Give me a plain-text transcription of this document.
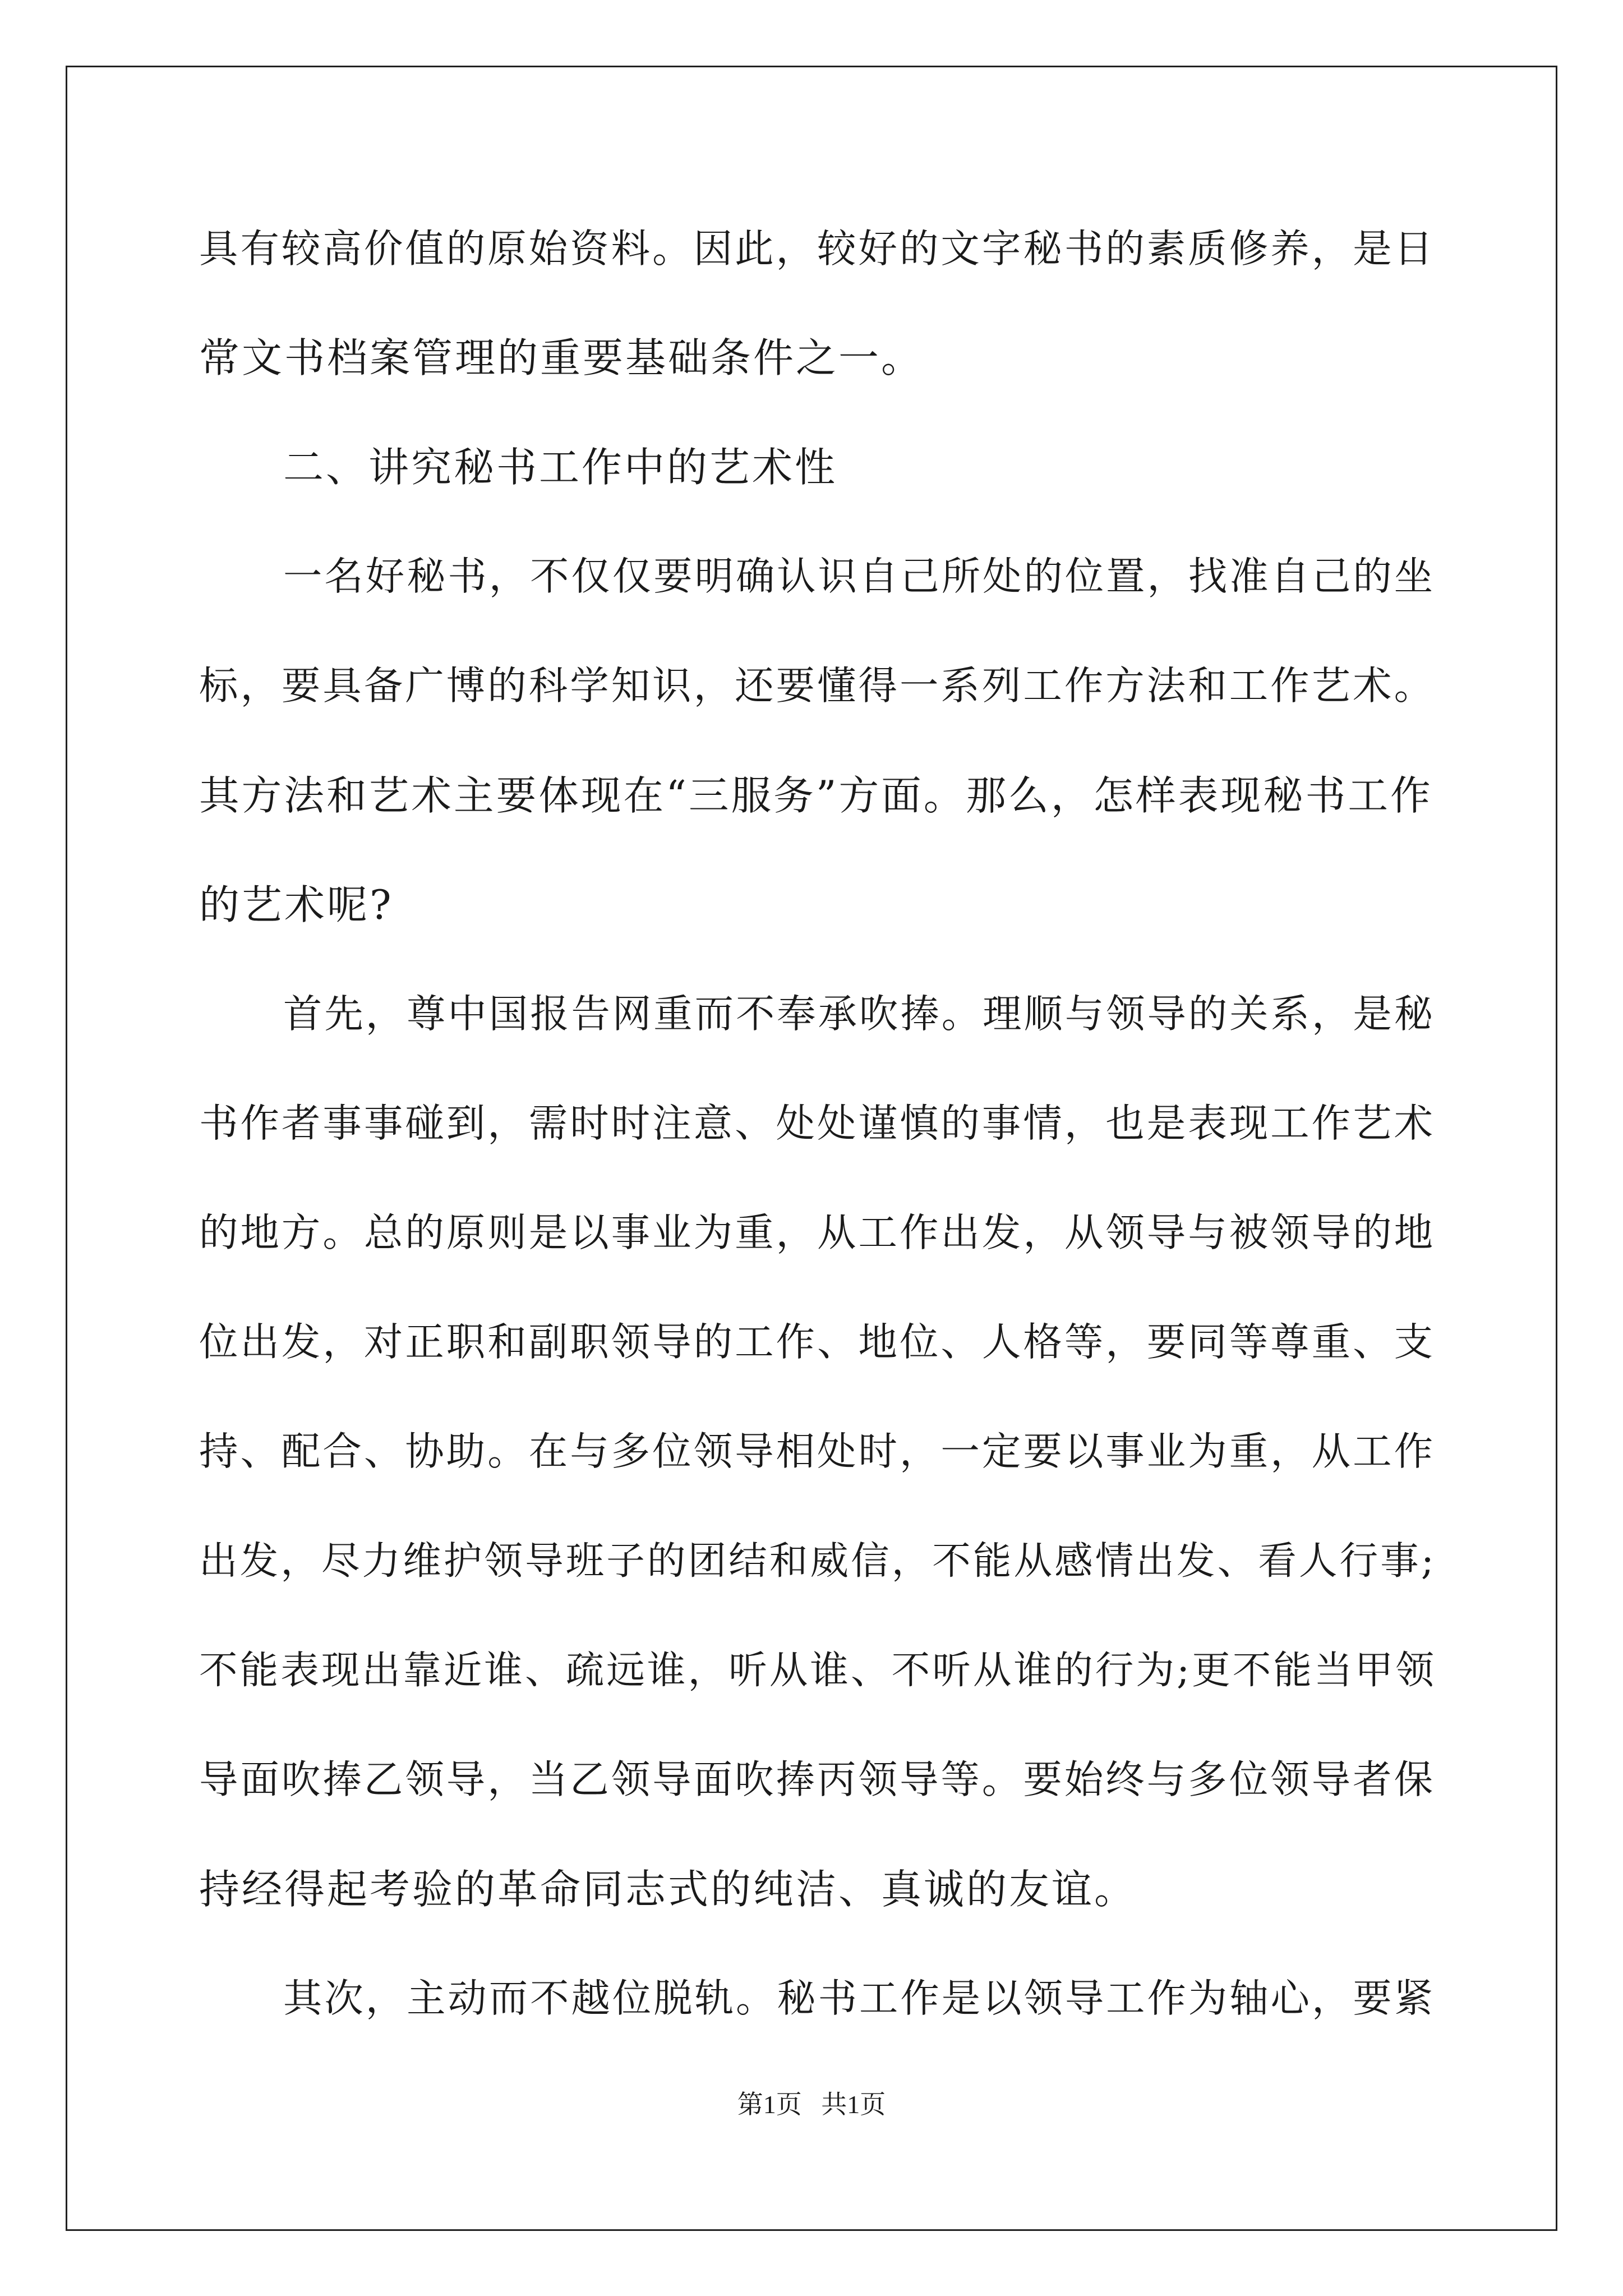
具有较高价值的原始资料。因此，较好的文字秘书的素质修养，是日
常文书档案管理的重要基础条件之一。
二、讲究秘书工作中的艺术性
一名好秘书，不仅仅要明确认识自己所处的位置，找准自己的坐
标，要具备广博的科学知识，还要懂得一系列工作方法和工作艺术。
其方法和艺术主要体现在“三服务”方面。那么，怎样表现秘书工作
的艺术呢?
首先，尊中国报告网重而不奉承吹捧。理顺与领导的关系，是秘
书作者事事碰到，需时时注意、处处谨慎的事情，也是表现工作艺术
的地方。总的原则是以事业为重，从工作出发，从领导与被领导的地
位出发，对正职和副职领导的工作、地位、人格等，要同等尊重、支
持、配合、协助。在与多位领导相处时，一定要以事业为重，从工作
出发，尽力维护领导班子的团结和威信，不能从感情出发、看人行事;
不能表现出靠近谁、疏远谁，听从谁、不听从谁的行为;更不能当甲领
导面吹捧乙领导，当乙领导面吹捧丙领导等。要始终与多位领导者保
持经得起考验的革命同志式的纯洁、真诚的友谊。
其次，主动而不越位脱轨。秘书工作是以领导工作为轴心，要紧
第1页   共1页
